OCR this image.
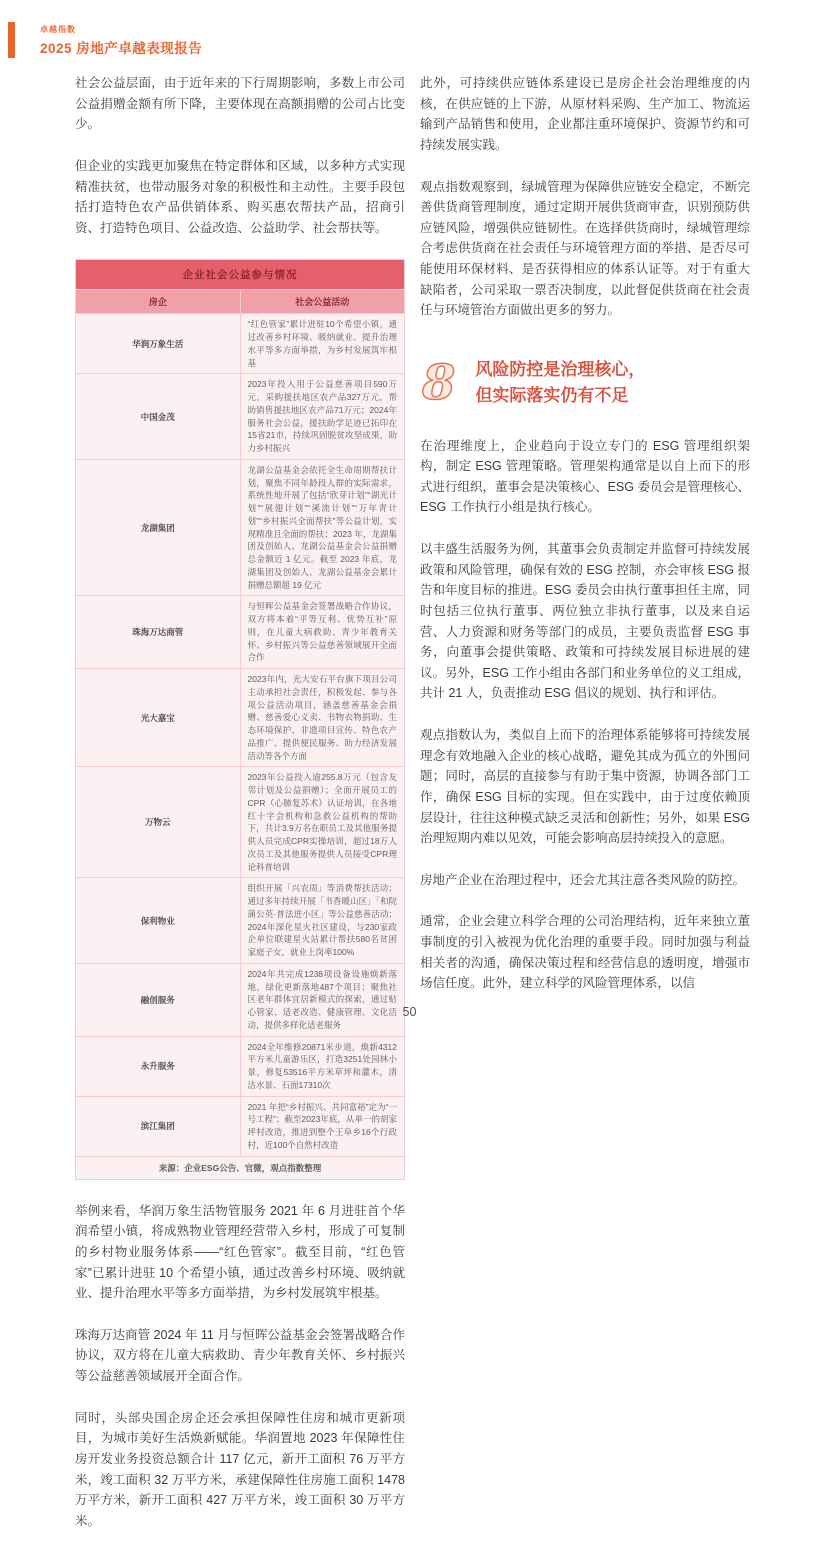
卓越指数
2025 房地产卓越表现报告

社会公益层面，由于近年来的下行周期影响，多数上市公司公益捐赠金额有所下降，主要体现在高额捐赠的公司占比变少。

但企业的实践更加聚焦在特定群体和区域，以多种方式实现精准扶贫，也带动服务对象的积极性和主动性。主要手段包括打造特色农产品供销体系、购买惠农帮扶产品，招商引资、打造特色项目、公益改造、公益助学、社会帮扶等。

企业社会公益参与情况	
房企	社会公益活动
华润万象生活	“红色管家”累计进驻10个希望小镇，通过改善乡村环境、吸纳就业、提升治理水平等多方面举措，为乡村发展筑牢根基
中国金茂	2023年投入用于公益慈善项目590万元，采购援扶地区农产品327万元，帮助销售援扶地区农产品71万元；2024年服务社会公益，援扶助学足迹已拓印在15省21市，持续巩固脱贫攻坚成果，助力乡村振兴
龙湖集团	龙湖公益基金会依托全生命周期帮扶计划，聚焦不同年龄段人群的实际需求，系统性地开展了包括“欣芽计划”“湖光计划”“展翅计划”“溪流计划”“万年青计划”“乡村振兴全面帮扶”等公益计划，实现精准且全面的帮扶；2023 年，龙湖集团及创始人、龙湖公益基金会公益捐赠总金额近 1 亿元。截至 2023 年底，龙湖集团及创始人、龙湖公益基金会累计捐赠总额超 19 亿元
珠海万达商管	与恒晖公益基金会签署战略合作协议，双方将本着“平等互利、优势互补”原则，在儿童大病救助、青少年教育关怀、乡村振兴等公益慈善领域展开全面合作
光大嘉宝	2023年内，光大安石平台旗下项目公司主动承担社会责任，积极发起、参与各项公益活动项目，涵盖慈善基金会捐赠、慈善爱心义卖、书物衣物捐助、生态环境保护、非遗项目宣传、特色农产品推广、提供便民服务、助力经济发展活动等各个方面
万物云	2023年公益投入逾255.8万元（包含友邻计划及公益捐赠）；全面开展员工的CPR（心肺复苏术）认证培训，在各地红十字会机构和急救公益机构的帮助下，共计3.9万名在职员工及其他服务提供人员完成CPR实操培训，超过18万人次员工及其他服务提供人员接受CPR理论科普培训
保利物业	组织开展「兴农周」等消费帮扶活动；通过多年持续开展「书香暖山区」「和院蒲公英·普法进小区」等公益慈善活动；2024年深化星火社区建设，与230家政企单位联建星火站累计帮扶580名贫困家庭子女，就业上岗率100%
融创服务	2024年共完成1238项设备设施焕新落地，绿化更新落地487个项目；聚焦社区老年群体宜居新模式的探索，通过贴心管家、适老改造、健康管理、文化活动，提供多样化适老服务
永升服务	2024全年维修20871米步道，焕新4312平方米儿童游乐区，打造3251处园林小景，修复53516平方米草坪和灌木，清洁水景、石面17310次
滨江集团	2021 年把“乡村振兴、共同富裕”定为“一号工程”；截至2023年底，从单一的胡家坪村改造，推进到整个王阜乡16个行政村，近100个自然村改造
来源：企业ESG公告、官微，观点指数整理	

举例来看，华润万象生活物管服务 2021 年 6 月进驻首个华润希望小镇，将成熟物业管理经营带入乡村，形成了可复制的乡村物业服务体系——“红色管家”。截至目前，“红色管家”已累计进驻 10 个希望小镇，通过改善乡村环境、吸纳就业、提升治理水平等多方面举措，为乡村发展筑牢根基。

珠海万达商管 2024 年 11 月与恒晖公益基金会签署战略合作协议，双方将在儿童大病救助、青少年教育关怀、乡村振兴等公益慈善领域展开全面合作。

同时，头部央国企房企还会承担保障性住房和城市更新项目，为城市美好生活焕新赋能。华润置地 2023 年保障性住房开发业务投资总额合计 117 亿元，新开工面积 76 万平方米，竣工面积 32 万平方米，承建保障性住房施工面积 1478 万平方米，新开工面积 427 万平方米，竣工面积 30 万平方米。

此外，可持续供应链体系建设已是房企社会治理维度的内核，在供应链的上下游，从原材料采购、生产加工、物流运输到产品销售和使用，企业都注重环境保护、资源节约和可持续发展实践。

观点指数观察到，绿城管理为保障供应链安全稳定，不断完善供货商管理制度，通过定期开展供货商审查，识别预防供应链风险，增强供应链韧性。在选择供货商时，绿城管理综合考虑供货商在社会责任与环境管理方面的举措、是否尽可能使用环保材料、是否获得相应的体系认证等。对于有重大缺陷者，公司采取一票否决制度，以此督促供货商在社会责任与环境管治方面做出更多的努力。

8 风险防控是治理核心，
但实际落实仍有不足

在治理维度上，企业趋向于设立专门的 ESG 管理组织架构，制定 ESG 管理策略。管理架构通常是以自上而下的形式进行组织，董事会是决策核心、ESG 委员会是管理核心、ESG 工作执行小组是执行核心。

以丰盛生活服务为例，其董事会负责制定并监督可持续发展政策和风险管理，确保有效的 ESG 控制，亦会审核 ESG 报告和年度目标的推进。ESG 委员会由执行董事担任主席，同时包括三位执行董事、两位独立非执行董事，以及来自运营、人力资源和财务等部门的成员，主要负责监督 ESG 事务，向董事会提供策略、政策和可持续发展目标进展的建议。另外，ESG 工作小组由各部门和业务单位的义工组成，共计 21 人，负责推动 ESG 倡议的规划、执行和评估。

观点指数认为，类似自上而下的治理体系能够将可持续发展理念有效地融入企业的核心战略，避免其成为孤立的外围问题；同时，高层的直接参与有助于集中资源，协调各部门工作，确保 ESG 目标的实现。但在实践中，由于过度依赖顶层设计，往往这种模式缺乏灵活和创新性；另外，如果 ESG 治理短期内难以见效，可能会影响高层持续投入的意愿。

房地产企业在治理过程中，还会尤其注意各类风险的防控。

通常，企业会建立科学合理的公司治理结构，近年来独立董事制度的引入被视为优化治理的重要手段。同时加强与利益相关者的沟通，确保决策过程和经营信息的透明度，增强市场信任度。此外，建立科学的风险管理体系，以信

50
